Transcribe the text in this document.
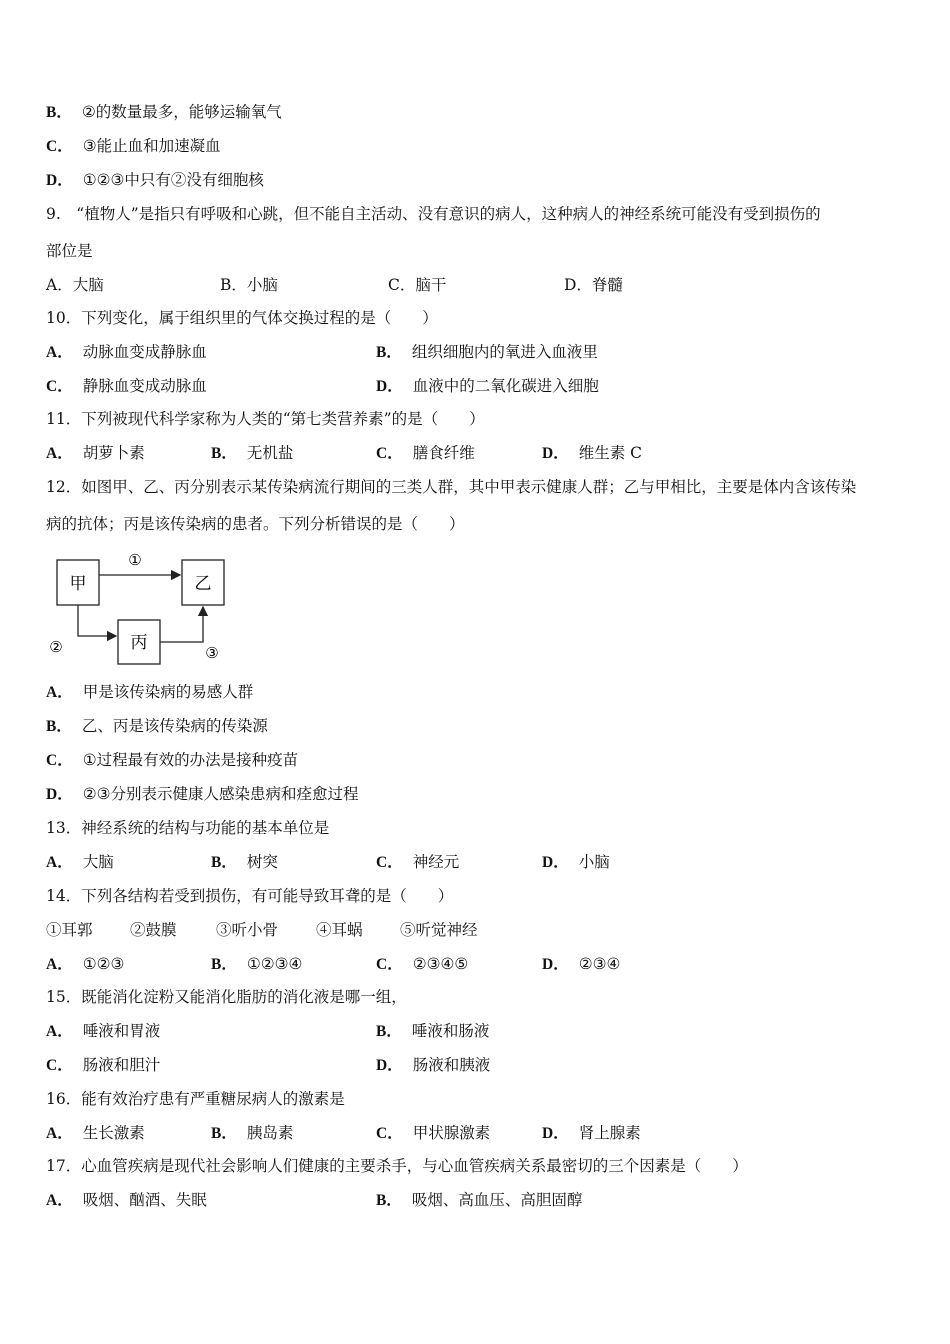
B． ②的数量最多，能够运输氧气
C． ③能止血和加速凝血
D． ①②③中只有②没有细胞核
9.　“植物人”是指只有呼吸和心跳，但不能自主活动、没有意识的病人，这种病人的神经系统可能没有受到损伤的
部位是
A．大脑	B．小脑	C．脑干	D．脊髓
10．下列变化，属于组织里的气体交换过程的是（　　）
A． 动脉血变成静脉血	B． 组织细胞内的氧进入血液里
C． 静脉血变成动脉血	D． 血液中的二氧化碳进入细胞
11．下列被现代科学家称为人类的“第七类营养素”的是（　　）
A． 胡萝卜素	B． 无机盐	C． 膳食纤维	D． 维生素 C
12．如图甲、乙、丙分别表示某传染病流行期间的三类人群，其中甲表示健康人群；乙与甲相比，主要是体内含该传染
病的抗体；丙是该传染病的患者。下列分析错误的是（　　）
甲	乙
丙
①
②	③
A． 甲是该传染病的易感人群
B． 乙、丙是该传染病的传染源
C． ①过程最有效的办法是接种疫苗
D． ②③分别表示健康人感染患病和痊愈过程
13．神经系统的结构与功能的基本单位是
A． 大脑	B． 树突	C． 神经元	D． 小脑
14．下列各结构若受到损伤，有可能导致耳聋的是（　　）
①耳郭 ②鼓膜	③听小骨 ④耳蜗 ⑤听觉神经
A． ①②③	B． ①②③④	C． ②③④⑤	D． ②③④
15．既能消化淀粉又能消化脂肪的消化液是哪一组，
A． 唾液和胃液	B． 唾液和肠液
C． 肠液和胆汁	D． 肠液和胰液
16．能有效治疗患有严重糖尿病人的激素是
A． 生长激素	B． 胰岛素	C． 甲状腺激素	D． 肾上腺素
17．心血管疾病是现代社会影响人们健康的主要杀手，与心血管疾病关系最密切的三个因素是（　　）
A． 吸烟、酗酒、失眠	B． 吸烟、高血压、高胆固醇
